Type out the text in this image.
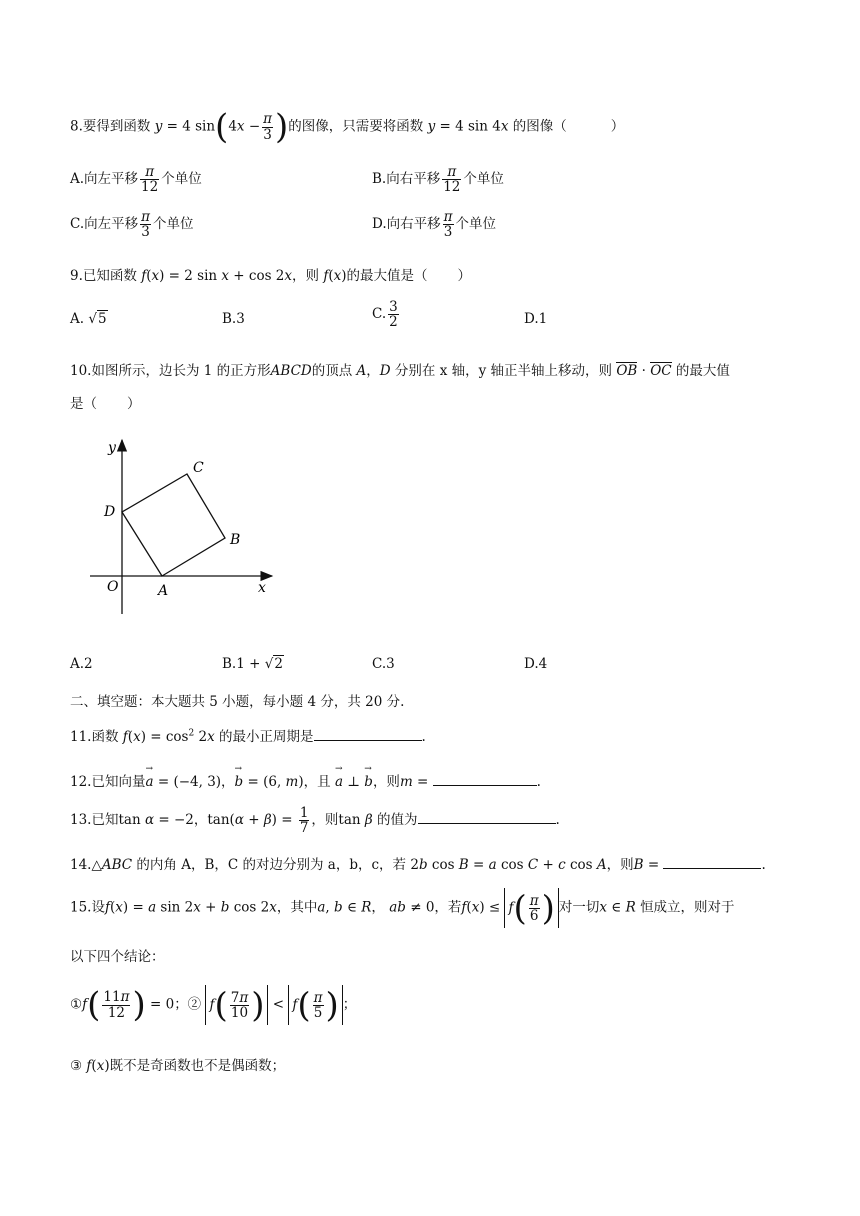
8.要得到函数 y = 4 $\sin(4x - \frac{\pi}{3}$ )的图像，只需要将函数 y = 4 sin 4x 的图像（	）
A.向左平移 $\frac{\pi}{12}$ 个单位	B.向右平移 $\frac{\pi}{12}$ 个单位
C.向左平移 $\frac{\pi}{3}$ 个单位	D.向右平移 $\frac{\pi}{3}$ 个单位
9.已知函数 f(x) = 2 sin x + cos 2x，则 f(x)的最大值是（ ）
A. √5	B.3	C. $\frac{3}{2}$	D.1
10.如图所示，边长为 1 的正方形ABCD的顶点 A，D 分别在 x 轴，y 轴正半轴上移动，则 OB · OC 的最大值
是（ ）
y
x
O	A
B
C
D
A.2	B.1 + √2	C.3	D.4
二、填空题：本大题共 5 小题，每小题 4 分，共 20 分.
11.函数 $f(x) = \cos^2 2x$ 的最小正周期是	.
12.已知向量→ a = (−4, 3)，→ b = (6, m)，且 → a ⊥ → b，则m =	.
13.已知tan α = −2，$\tan(\alpha + \beta) = \frac{1}{7}$ ，则tan β 的值为	.
14.△ABC 的内角 A，B，C 的对边分别为 a，b，c，若 2b cos B = a cos C + c cos A，则B =	.
15.设f(x) = a sin 2x + b cos 2x，其中a, b ∈ R， ab ≠ 0，若$f(x) \le f( \frac{\pi}{6}$ ) 对一切x ∈ R 恒成立，则对于
以下四个结论：
①f( $\frac{11\pi}{12}$ ) = 0；② $f( \frac{7\pi}{10}$ ) < $f( \frac{\pi}{5}$ ) ；
③ f(x)既不是奇函数也不是偶函数；
